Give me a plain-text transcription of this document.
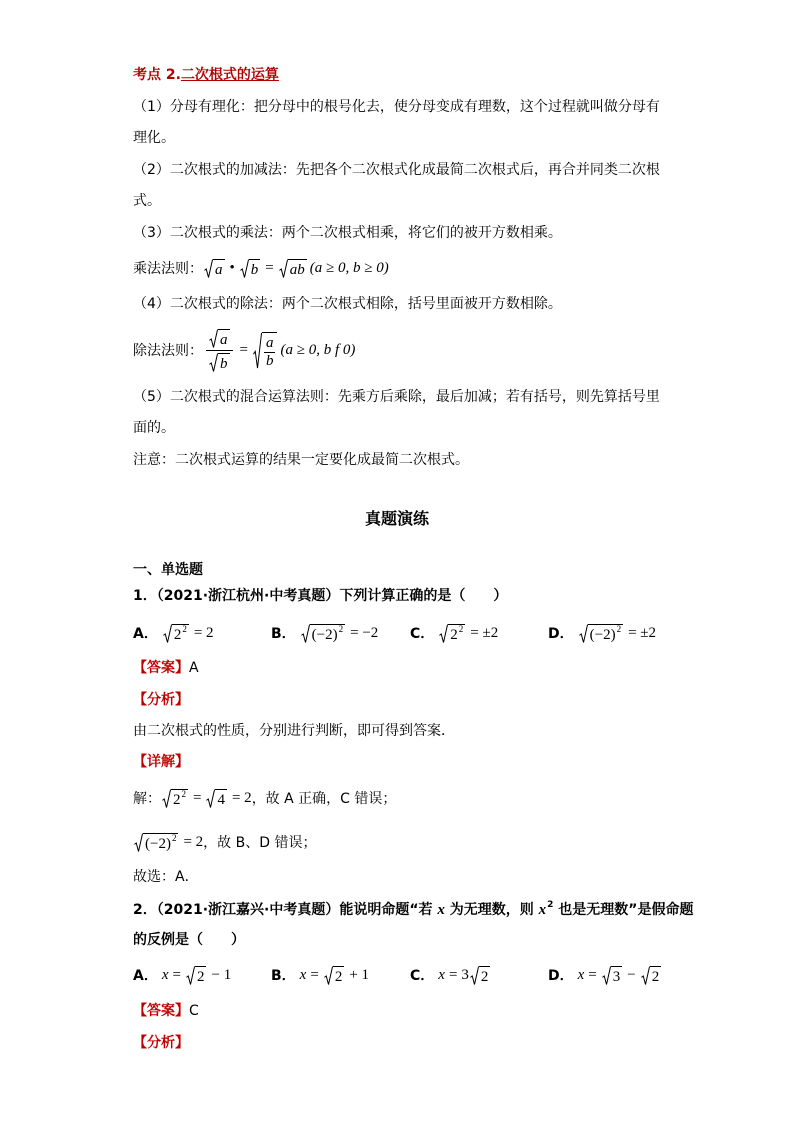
考点 2.二次根式的运算
（1）分母有理化：把分母中的根号化去，使分母变成有理数，这个过程就叫做分母有
理化。
（2）二次根式的加减法：先把各个二次根式化成最简二次根式后，再合并同类二次根
式。
（3）二次根式的乘法：两个二次根式相乘，将它们的被开方数相乘。
乘法法则： a • b = ab (a ≥ 0, b ≥ 0)
（4）二次根式的除法：两个二次根式相除，括号里面被开方数相除。
除法法则： $\frac{a}{b} = \frac{a}{b} (a \ge 0$, b f 0)
（5）二次根式的混合运算法则：先乘方后乘除，最后加减；若有括号，则先算括号里
面的。
注意：二次根式运算的结果一定要化成最简二次根式。
真题演练
一、单选题
1．（2021·浙江杭州·中考真题）下列计算正确的是（　　）
A． $2^2 = 2$	B． $(-2)^2 = -2$ C． $2^2 = \pm 2$	D． $(-2)^2 = \pm 2$
【答案】A
【分析】
由二次根式的性质，分别进行判断，即可得到答案．
【详解】
解： $2^2 = 4 = 2$ ，故 A 正确，C 错误；
$(-2)^2 = 2$ ，故 B、D 错误；
故选：A．
2．（2021·浙江嘉兴·中考真题）能说明命题“若 x 为无理数，则 $x^2$ 也是无理数”是假命题
的反例是（　　）
A． x = 2 − 1	B． x = 2 + 1	C． x = 3 2	D． x = 3 − 2
【答案】C
【分析】
